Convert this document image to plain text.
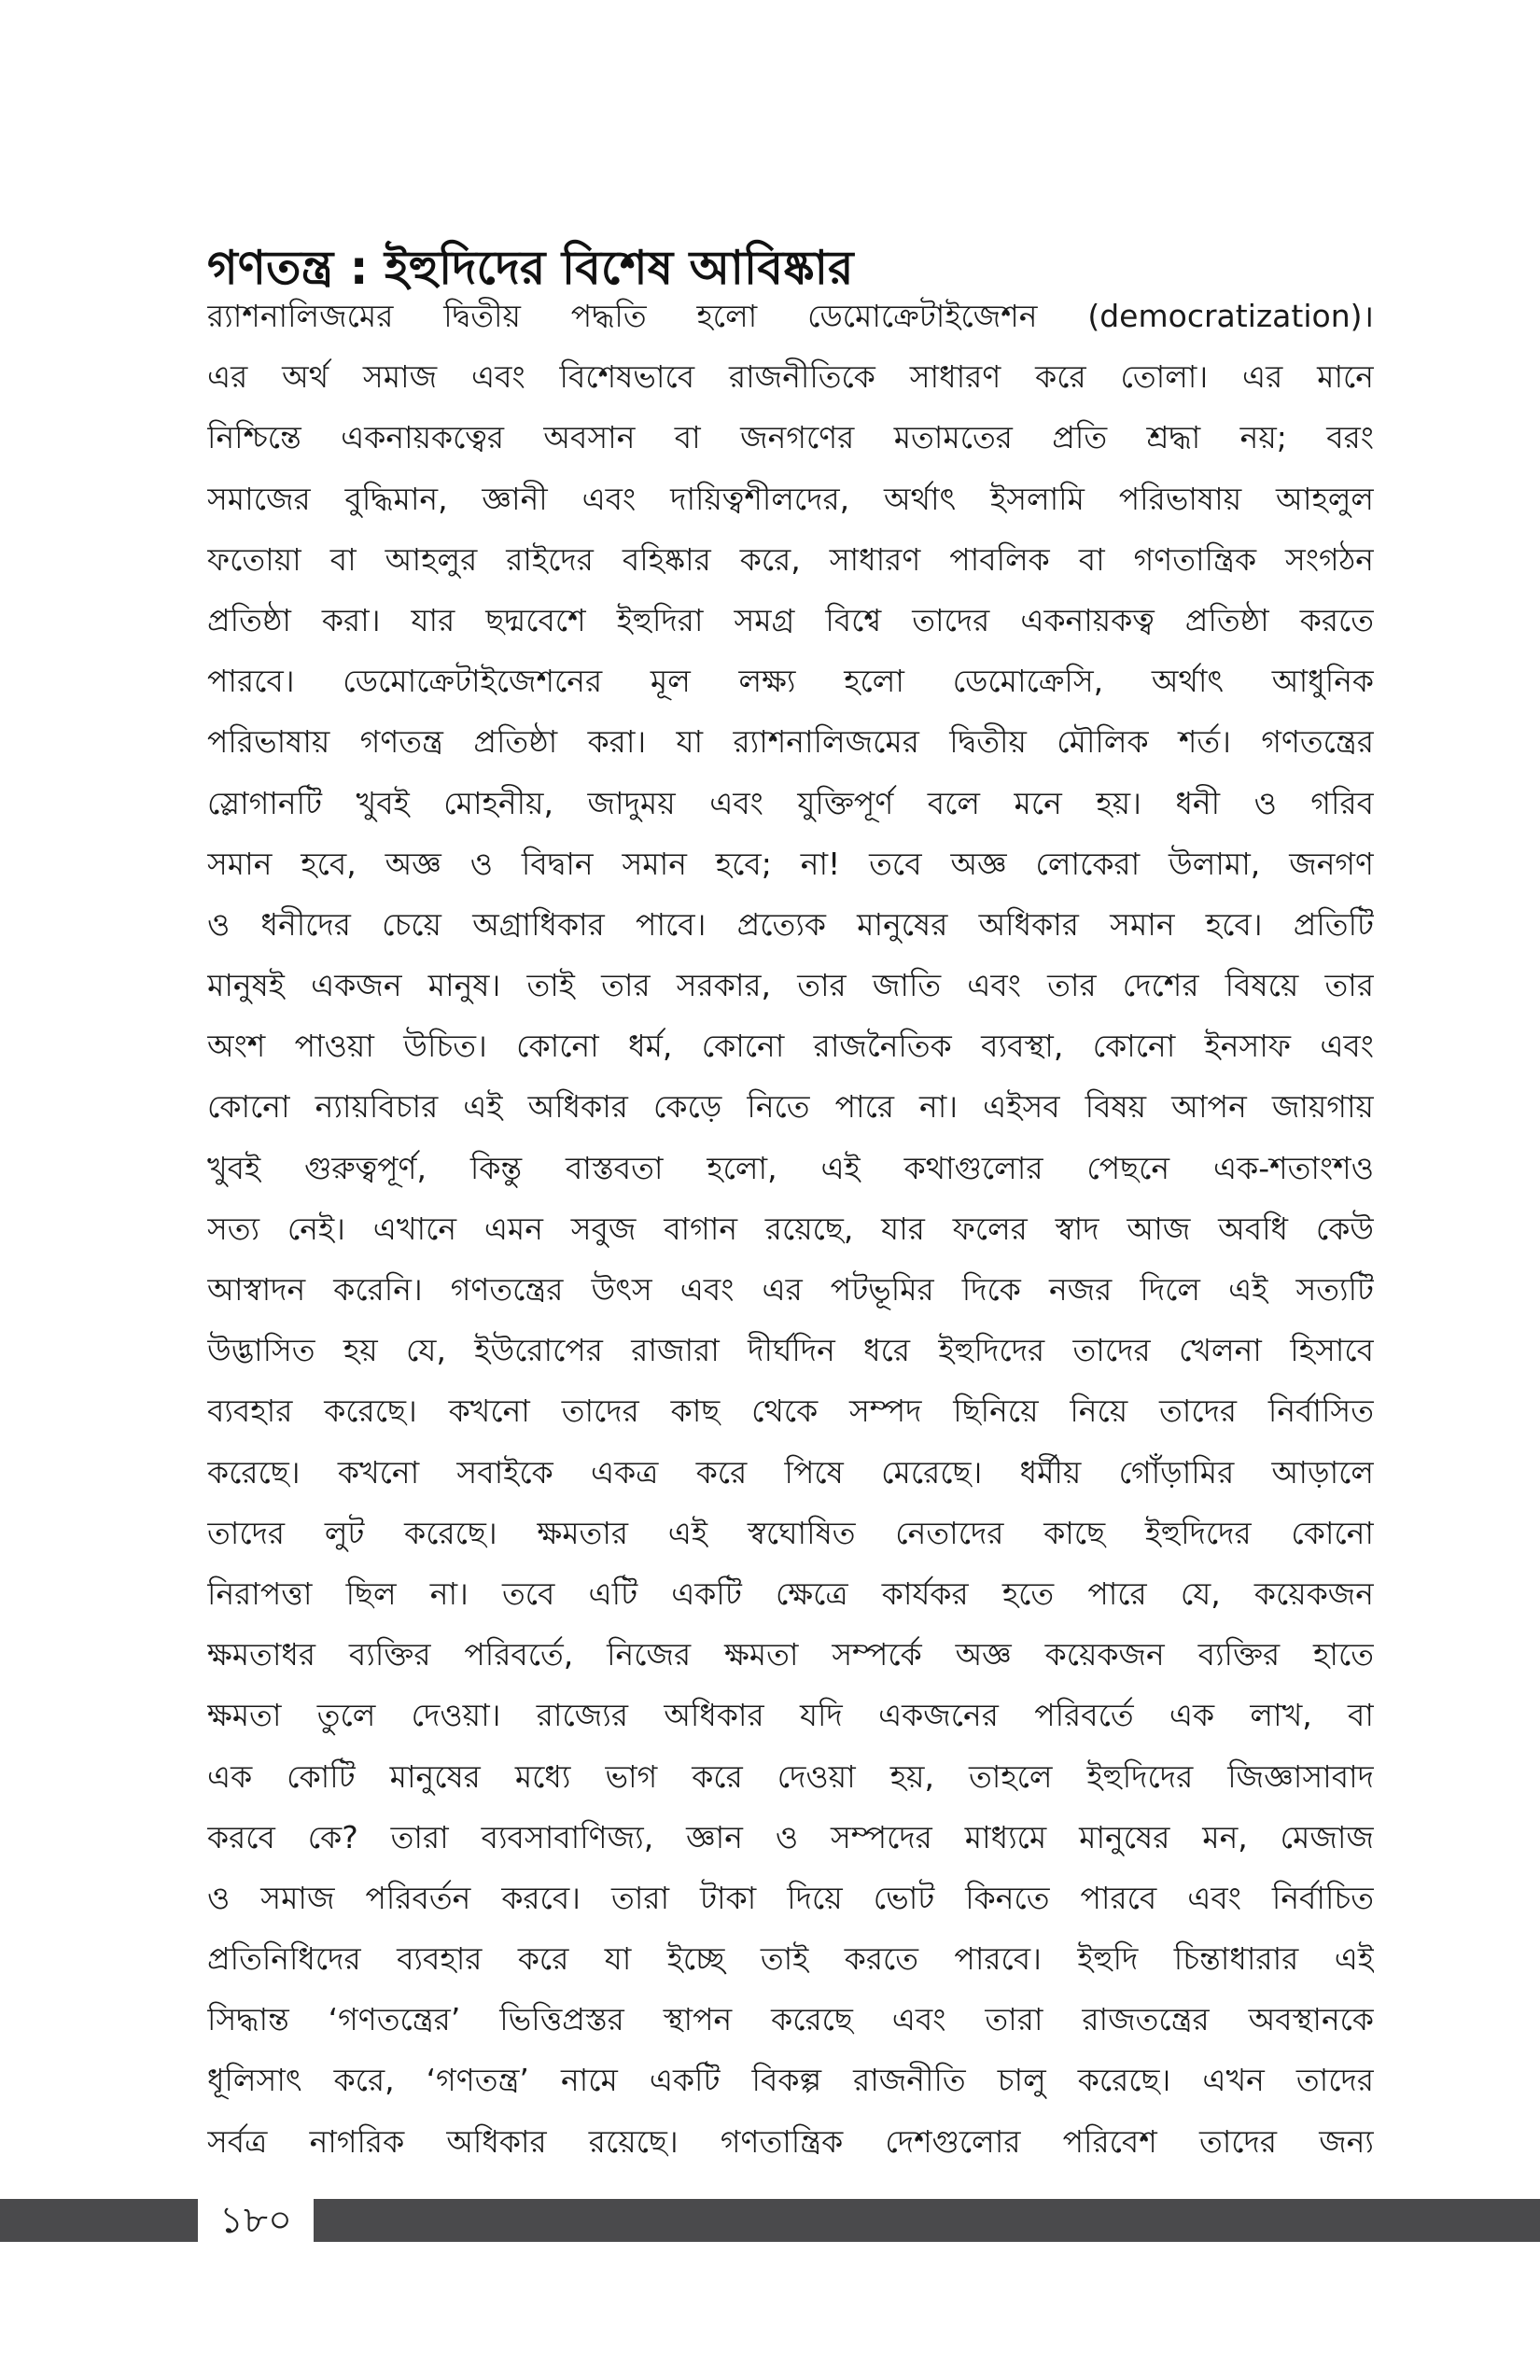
গণতন্ত্র : ইহুদিদের বিশেষ আবিষ্কার
র‍্যাশনালিজমের দ্বিতীয় পদ্ধতি হলো ডেমোক্রেটাইজেশন (democratization)।
এর অর্থ সমাজ এবং বিশেষভাবে রাজনীতিকে সাধারণ করে তোলা। এর মানে
নিশ্চিন্তে একনায়কত্বের অবসান বা জনগণের মতামতের প্রতি শ্রদ্ধা নয়; বরং
সমাজের বুদ্ধিমান, জ্ঞানী এবং দায়িত্বশীলদের, অর্থাৎ ইসলামি পরিভাষায় আহলুল
ফতোয়া বা আহলুর রাইদের বহিষ্কার করে, সাধারণ পাবলিক বা গণতান্ত্রিক সংগঠন
প্রতিষ্ঠা করা। যার ছদ্মবেশে ইহুদিরা সমগ্র বিশ্বে তাদের একনায়কত্ব প্রতিষ্ঠা করতে
পারবে। ডেমোক্রেটাইজেশনের মূল লক্ষ্য হলো ডেমোক্রেসি, অর্থাৎ আধুনিক
পরিভাষায় গণতন্ত্র প্রতিষ্ঠা করা। যা র‍্যাশনালিজমের দ্বিতীয় মৌলিক শর্ত। গণতন্ত্রের
স্লোগানটি খুবই মোহনীয়, জাদুময় এবং যুক্তিপূর্ণ বলে মনে হয়। ধনী ও গরিব
সমান হবে, অজ্ঞ ও বিদ্বান সমান হবে; না! তবে অজ্ঞ লোকেরা উলামা, জনগণ
ও ধনীদের চেয়ে অগ্রাধিকার পাবে। প্রত্যেক মানুষের অধিকার সমান হবে। প্রতিটি
মানুষই একজন মানুষ। তাই তার সরকার, তার জাতি এবং তার দেশের বিষয়ে তার
অংশ পাওয়া উচিত। কোনো ধর্ম, কোনো রাজনৈতিক ব্যবস্থা, কোনো ইনসাফ এবং
কোনো ন্যায়বিচার এই অধিকার কেড়ে নিতে পারে না। এইসব বিষয় আপন জায়গায়
খুবই গুরুত্বপূর্ণ, কিন্তু বাস্তবতা হলো, এই কথাগুলোর পেছনে এক-শতাংশও
সত্য নেই। এখানে এমন সবুজ বাগান রয়েছে, যার ফলের স্বাদ আজ অবধি কেউ
আস্বাদন করেনি। গণতন্ত্রের উৎস এবং এর পটভূমির দিকে নজর দিলে এই সত্যটি
উদ্ভাসিত হয় যে, ইউরোপের রাজারা দীর্ঘদিন ধরে ইহুদিদের তাদের খেলনা হিসাবে
ব্যবহার করেছে। কখনো তাদের কাছ থেকে সম্পদ ছিনিয়ে নিয়ে তাদের নির্বাসিত
করেছে। কখনো সবাইকে একত্র করে পিষে মেরেছে। ধর্মীয় গোঁড়ামির আড়ালে
তাদের লুট করেছে। ক্ষমতার এই স্বঘোষিত নেতাদের কাছে ইহুদিদের কোনো
নিরাপত্তা ছিল না। তবে এটি একটি ক্ষেত্রে কার্যকর হতে পারে যে, কয়েকজন
ক্ষমতাধর ব্যক্তির পরিবর্তে, নিজের ক্ষমতা সম্পর্কে অজ্ঞ কয়েকজন ব্যক্তির হাতে
ক্ষমতা তুলে দেওয়া। রাজ্যের অধিকার যদি একজনের পরিবর্তে এক লাখ, বা
এক কোটি মানুষের মধ্যে ভাগ করে দেওয়া হয়, তাহলে ইহুদিদের জিজ্ঞাসাবাদ
করবে কে? তারা ব্যবসাবাণিজ্য, জ্ঞান ও সম্পদের মাধ্যমে মানুষের মন, মেজাজ
ও সমাজ পরিবর্তন করবে। তারা টাকা দিয়ে ভোট কিনতে পারবে এবং নির্বাচিত
প্রতিনিধিদের ব্যবহার করে যা ইচ্ছে তাই করতে পারবে। ইহুদি চিন্তাধারার এই
সিদ্ধান্ত ‘গণতন্ত্রের’ ভিত্তিপ্রস্তর স্থাপন করেছে এবং তারা রাজতন্ত্রের অবস্থানকে
ধূলিসাৎ করে, ‘গণতন্ত্র’ নামে একটি বিকল্প রাজনীতি চালু করেছে। এখন তাদের
সর্বত্র নাগরিক অধিকার রয়েছে। গণতান্ত্রিক দেশগুলোর পরিবেশ তাদের জন্য
১৮০
